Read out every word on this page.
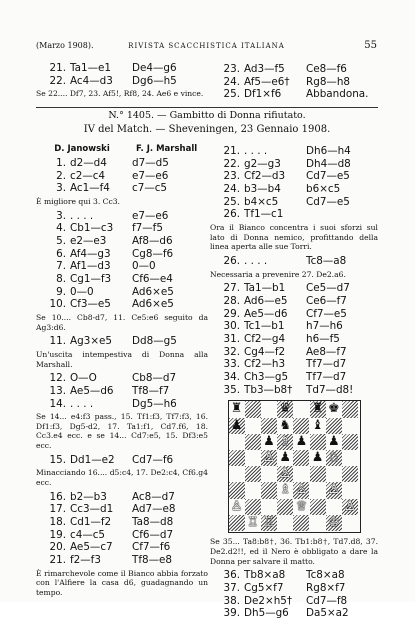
(Marzo 1908).	RIVISTA SCACCHISTICA ITALIANA	55
21. Ta1—e1	De4—g6
22. Ac4—d3	Dg6—h5
Se 22.... Df7, 23. Af5!, Rf8, 24. Ae6 e vince.
23. Ad3—f5	Ce8—f6
24. Af5—e6†	Rg8—h8
25. Df1×f6	Abbandona.
N.° 1405. — Gambitto di Donna rifiutato.
IV del Match. — Sheveningen, 23 Gennaio 1908.
D. Janowski	F. J. Marshall
1. d2—d4	d7—d5
2. c2—c4	e7—e6
3. Ac1—f4	c7—c5
È migliore qui 3. Cc3.
3. . . . .	e7—e6
4. Cb1—c3	f7—f5
5. e2—e3	Af8—d6
6. Af4—g3	Cg8—f6
7. Af1—d3	0—0
8. Cg1—f3	Cf6—e4
9. 0—0	Ad6×e5
10. Cf3—e5	Ad6×e5
Se 10.... Cb8-d7, 11. Ce5:e6 seguito da Ag3:d6.
11. Ag3×e5	Dd8—g5
Un'uscita intempestiva di Donna alla Marshall.
12. O—O	Cb8—d7
13. Ae5—d6	Tf8—f7
14. . . . .	Dg5—h6
Se 14... e4:f3 pass., 15. Tf1:f3, Tf7:f3, 16. Df1:f3, Dg5-d2, 17. Ta1:f1, Cd7.f6, 18. Cc3.e4 ecc. e se 14... Cd7:e5, 15. Df3:e5 ecc.
15. Dd1—e2	Cd7—f6
Minacciando 16.... d5:c4, 17. De2:c4, Cf6.g4 ecc.
16. b2—b3	Ac8—d7
17. Cc3—d1	Ad7—e8
18. Cd1—f2	Ta8—d8
19. c4—c5	Cf6—d7
20. Ae5—c7	Cf7—f6
21. f2—f3	Tf8—e8
È rimarchevole come il Bianco abbia forzato con l'Alfiere la casa d6, guadagnando un tempo.
21. . . . .	Dh6—h4
22. g2—g3	Dh4—d8
23. Cf2—d3	Cd7—e5
24. b3—b4	b6×c5
25. b4×c5	Cd7—e5
26. Tf1—c1
Ora il Bianco concentra i suoi sforzi sul lato di Donna nemico, profittando della linea aperta alle sue Torri.
26. . . . .	Tc8—a8
Necessaria a prevenire 27. De2.a6.
27. Ta1—b1	Ce5—d7
28. Ad6—e5	Ce6—f7
29. Ae5—d6	Cf7—e5
30. Tc1—b1	h7—h6
31. Cf2—g4	h6—f5
32. Cg4—f2	Ae8—f7
33. Cf2—h3	Tf7—d7
34. Ch3—g5	Tf7—d7
35. Tb3—b8†	Td7—d8!
♜	♛ ♜ ♚
♟	♞ ♝
♟ ♗ ♟ ♟
♙ ♟ ♟ ♘
♙
♗ ♙ ♙
♙	♕	♙
♖ ♖	♔
Se 35... Ta8:b8†, 36. Tb1:b8†, Td7.d8, 37. De2.d2!!, ed il Nero è obbligato a dare la Donna per salvare il matto.
36. Tb8×a8	Tc8×a8
37. Cg5×f7	Rg8×f7
38. De2×h5†	Cd7—f8
39. Dh5—g6	Da5×a2
